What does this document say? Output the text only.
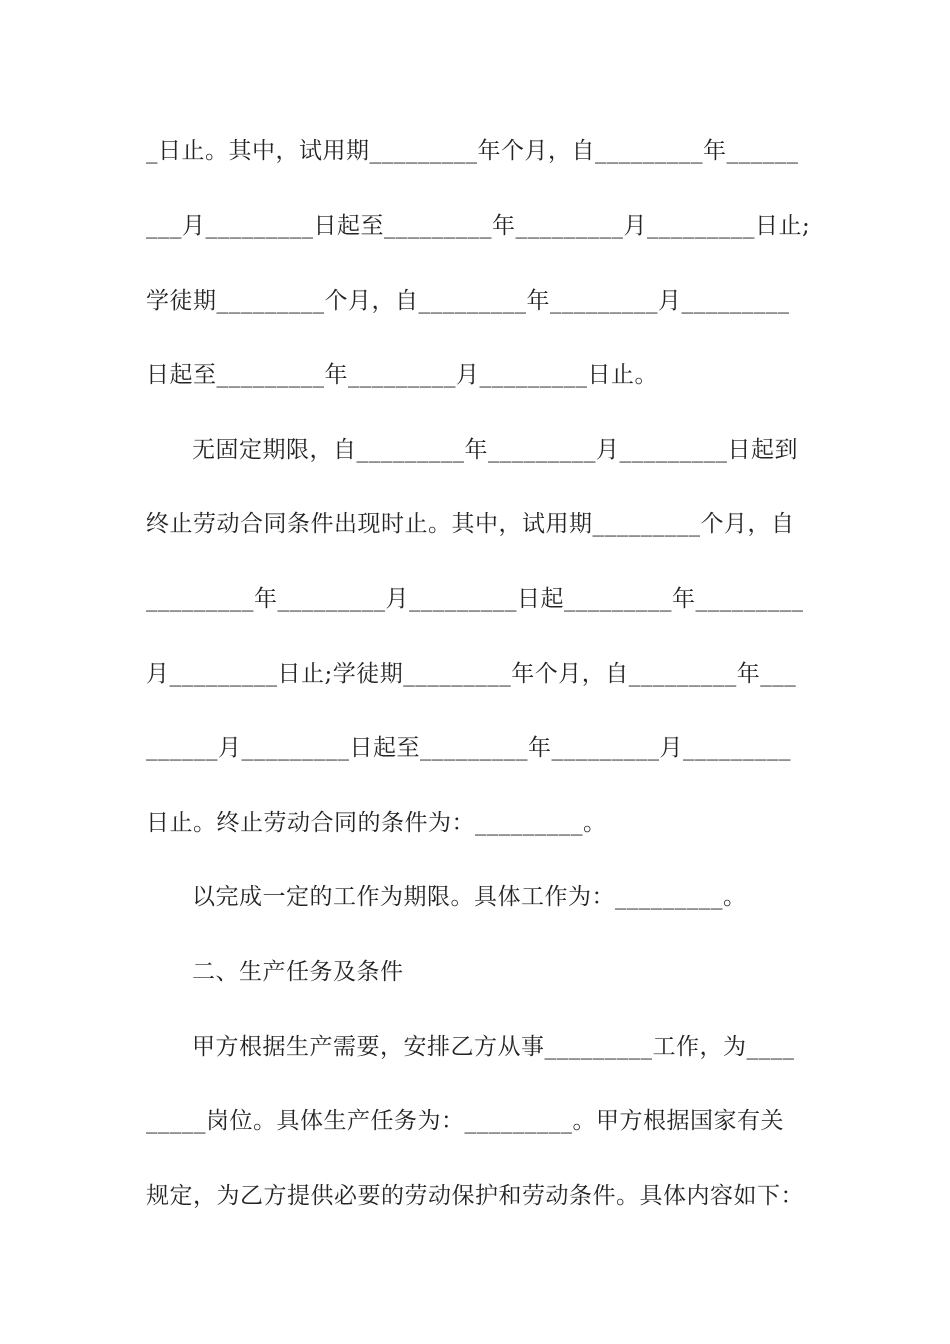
_日止。其中，试用期_________年个月，自_________年______
___月_________日起至_________年_________月_________日止;
学徒期_________个月，自_________年_________月_________
日起至_________年_________月_________日止。
无固定期限，自_________年_________月_________日起到
终止劳动合同条件出现时止。其中，试用期_________个月，自
_________年_________月_________日起_________年_________
月_________日止;学徒期_________年个月，自_________年___
______月_________日起至_________年_________月_________
日止。终止劳动合同的条件为：_________。
以完成一定的工作为期限。具体工作为：_________。
二、生产任务及条件
甲方根据生产需要，安排乙方从事_________工作，为____
_____岗位。具体生产任务为：_________。甲方根据国家有关
规定，为乙方提供必要的劳动保护和劳动条件。具体内容如下：
